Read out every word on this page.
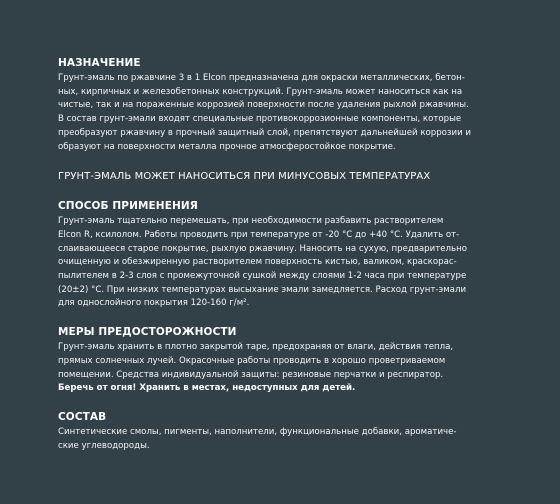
НАЗНАЧЕНИЕ

Грунт-эмаль по ржавчине 3 в 1 Elcon предназначена для окраски металлических, бетон-
ных, кирпичных и железобетонных конструкций. Грунт-эмаль может наноситься как на
чистые, так и на пораженные коррозией поверхности после удаления рыхлой ржавчины.
В состав грунт-эмали входят специальные противокоррозионные компоненты, которые
преобразуют ржавчину в прочный защитный слой, препятствуют дальнейшей коррозии и
образуют на поверхности металла прочное атмосферостойкое покрытие.

ГРУНТ-ЭМАЛЬ МОЖЕТ НАНОСИТЬСЯ ПРИ МИНУСОВЫХ ТЕМПЕРАТУРАХ

СПОСОБ ПРИМЕНЕНИЯ

Грунт-эмаль тщательно перемешать, при необходимости разбавить растворителем
Elcon R, ксилолом. Работы проводить при температуре от -20 °С до +40 °С. Удалить от-
слаивающееся старое покрытие, рыхлую ржавчину. Наносить на сухую, предварительно
очищенную и обезжиренную растворителем поверхность кистью, валиком, краскорас-
пылителем в 2-3 слоя с промежуточной сушкой между слоями 1-2 часа при температуре
(20±2) °С. При низких температурах высыхание эмали замедляется. Расход грунт-эмали
для однослойного покрытия 120-160 г/м².

МЕРЫ ПРЕДОСТОРОЖНОСТИ

Грунт-эмаль хранить в плотно закрытой таре, предохраняя от влаги, действия тепла,
прямых солнечных лучей. Окрасочные работы проводить в хорошо проветриваемом
помещении. Средства индивидуальной защиты: резиновые перчатки и респиратор.
Беречь от огня! Хранить в местах, недоступных для детей.

СОСТАВ

Синтетические смолы, пигменты, наполнители, функциональные добавки, ароматиче-
ские углеводороды.
